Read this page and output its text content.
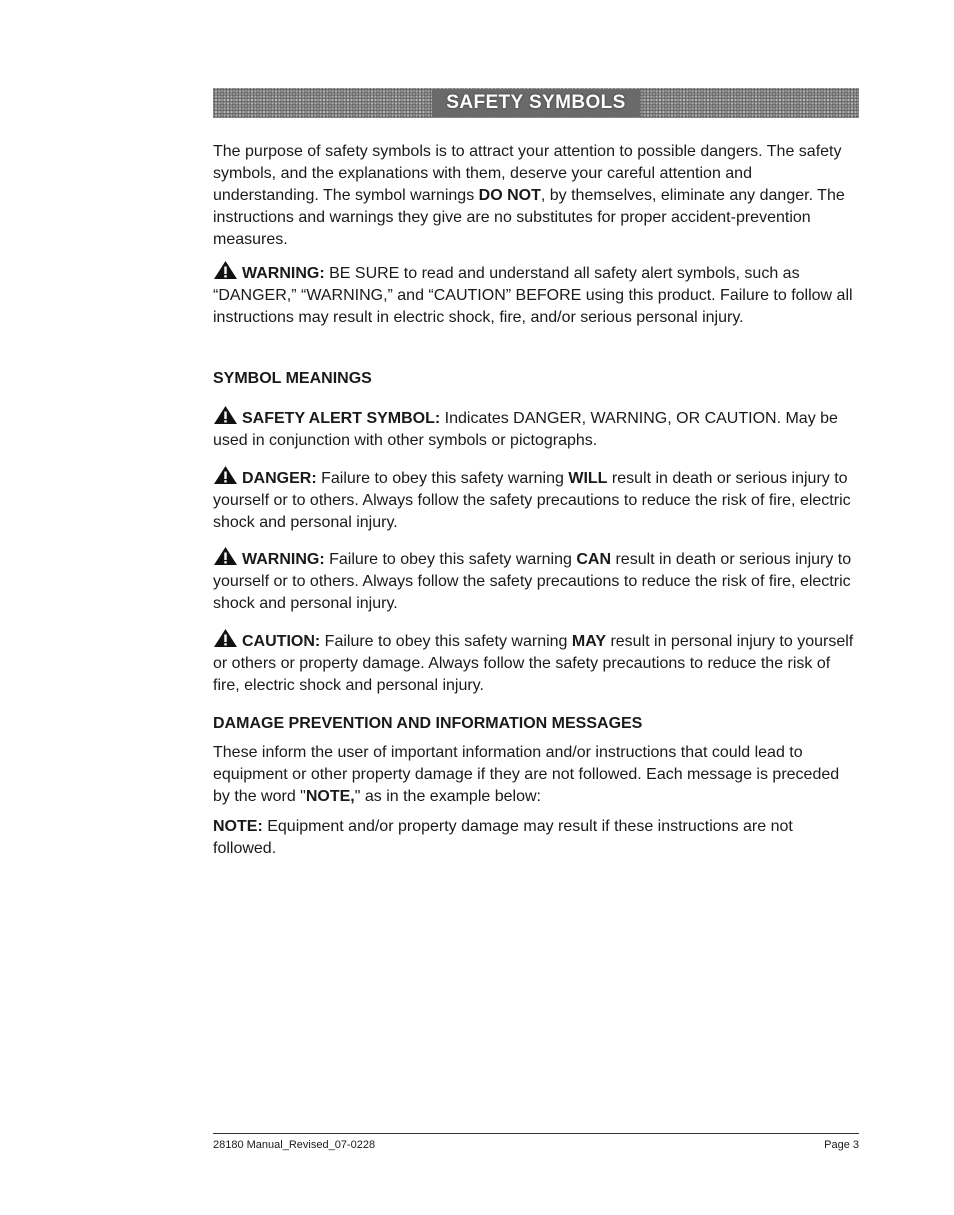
SAFETY SYMBOLS

The purpose of safety symbols is to attract your attention to possible dangers. The safety symbols, and the explanations with them, deserve your careful attention and understanding. The symbol warnings DO NOT, by themselves, eliminate any danger. The instructions and warnings they give are no substitutes for proper accident-prevention measures.

WARNING: BE SURE to read and understand all safety alert symbols, such as “DANGER,” “WARNING,” and “CAUTION” BEFORE using this product. Failure to follow all instructions may result in electric shock, fire, and/or serious personal injury.

SYMBOL MEANINGS

SAFETY ALERT SYMBOL: Indicates DANGER, WARNING, OR CAUTION. May be used in conjunction with other symbols or pictographs.

DANGER: Failure to obey this safety warning WILL result in death or serious injury to yourself or to others. Always follow the safety precautions to reduce the risk of fire, electric shock and personal injury.

WARNING: Failure to obey this safety warning CAN result in death or serious injury to yourself or to others. Always follow the safety precautions to reduce the risk of fire, electric shock and personal injury.

CAUTION: Failure to obey this safety warning MAY result in personal injury to yourself or others or property damage. Always follow the safety precautions to reduce the risk of fire, electric shock and personal injury.

DAMAGE PREVENTION AND INFORMATION MESSAGES

These inform the user of important information and/or instructions that could lead to equipment or other property damage if they are not followed. Each message is preceded by the word "NOTE," as in the example below:

NOTE: Equipment and/or property damage may result if these instructions are not followed.

28180 Manual_Revised_07-0228	Page 3
